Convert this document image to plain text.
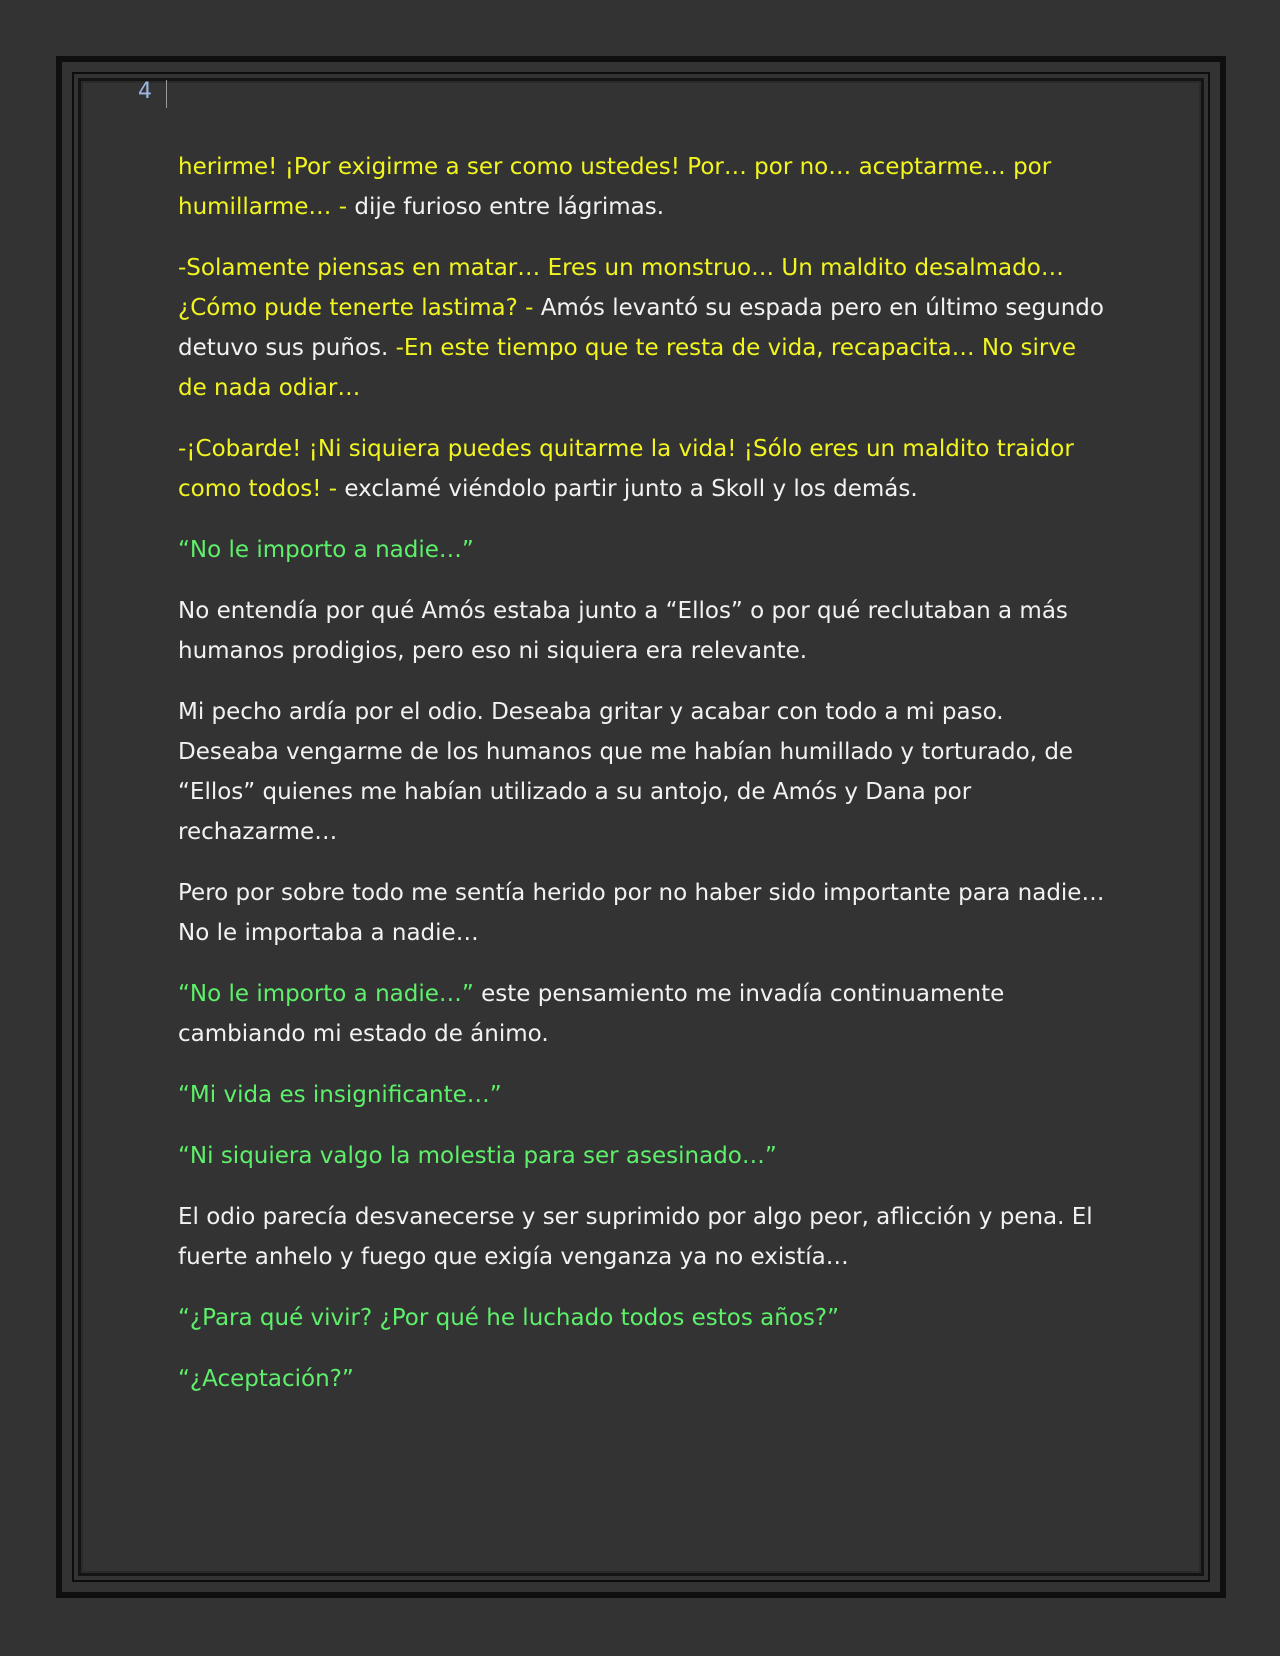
4

herirme! ¡Por exigirme a ser como ustedes! Por… por no… aceptarme… por humillarme… - dije furioso entre lágrimas.

-Solamente piensas en matar… Eres un monstruo… Un maldito desalmado… ¿Cómo pude tenerte lastima? - Amós levantó su espada pero en último segundo detuvo sus puños. -En este tiempo que te resta de vida, recapacita… No sirve de nada odiar…

-¡Cobarde! ¡Ni siquiera puedes quitarme la vida! ¡Sólo eres un maldito traidor como todos! - exclamé viéndolo partir junto a Skoll y los demás.

“No le importo a nadie…”

No entendía por qué Amós estaba junto a “Ellos” o por qué reclutaban a más humanos prodigios, pero eso ni siquiera era relevante.

Mi pecho ardía por el odio. Deseaba gritar y acabar con todo a mi paso. Deseaba vengarme de los humanos que me habían humillado y torturado, de “Ellos” quienes me habían utilizado a su antojo, de Amós y Dana por rechazarme…

Pero por sobre todo me sentía herido por no haber sido importante para nadie… No le importaba a nadie…

“No le importo a nadie…” este pensamiento me invadía continuamente cambiando mi estado de ánimo.

“Mi vida es insignificante…”

“Ni siquiera valgo la molestia para ser asesinado…”

El odio parecía desvanecerse y ser suprimido por algo peor, aflicción y pena. El fuerte anhelo y fuego que exigía venganza ya no existía…

“¿Para qué vivir? ¿Por qué he luchado todos estos años?”

“¿Aceptación?”
